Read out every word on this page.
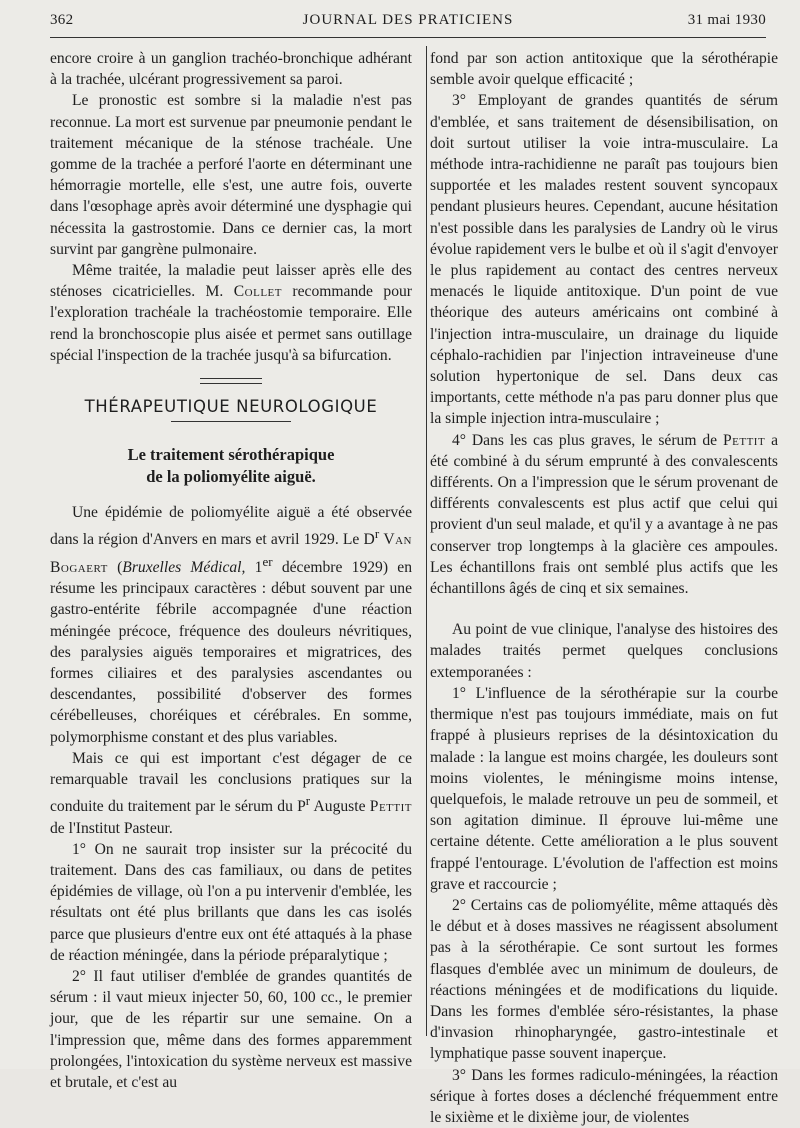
362	JOURNAL DES PRATICIENS	31 mai 1930

encore croire à un ganglion trachéo-bronchique adhérant à la trachée, ulcérant progressivement sa paroi.

Le pronostic est sombre si la maladie n'est pas reconnue. La mort est survenue par pneumonie pendant le traitement mécanique de la sténose trachéale. Une gomme de la trachée a perforé l'aorte en déterminant une hémorragie mortelle, elle s'est, une autre fois, ouverte dans l'œsophage après avoir déterminé une dysphagie qui nécessita la gastrostomie. Dans ce dernier cas, la mort survint par gangrène pulmonaire.

Même traitée, la maladie peut laisser après elle des sténoses cicatricielles. M. Collet recommande pour l'exploration trachéale la trachéostomie temporaire. Elle rend la bronchoscopie plus aisée et permet sans outillage spécial l'inspection de la trachée jusqu'à sa bifurcation.

THÉRAPEUTIQUE NEUROLOGIQUE
Le traitement sérothérapique
de la poliomyélite aiguë.

Une épidémie de poliomyélite aiguë a été observée dans la région d'Anvers en mars et avril 1929. Le $D^r$ Van Bogaert (Bruxelles Médical, 1er décembre 1929) en résume les principaux caractères : début souvent par une gastro-entérite fébrile accompagnée d'une réaction méningée précoce, fréquence des douleurs névritiques, des paralysies aiguës temporaires et migratrices, des formes ciliaires et des paralysies ascendantes ou descendantes, possibilité d'observer des formes cérébelleuses, choréiques et cérébrales. En somme, polymorphisme constant et des plus variables.

Mais ce qui est important c'est dégager de ce remarquable travail les conclusions pratiques sur la conduite du traitement par le sérum du $P^r$ Auguste Pettit de l'Institut Pasteur.

1° On ne saurait trop insister sur la précocité du traitement. Dans des cas familiaux, ou dans de petites épidémies de village, où l'on a pu intervenir d'emblée, les résultats ont été plus brillants que dans les cas isolés parce que plusieurs d'entre eux ont été attaqués à la phase de réaction méningée, dans la période préparalytique ;

2° Il faut utiliser d'emblée de grandes quantités de sérum : il vaut mieux injecter 50, 60, 100 cc., le premier jour, que de les répartir sur une semaine. On a l'impression que, même dans des formes apparemment prolongées, l'intoxication du système nerveux est massive et brutale, et c'est au

fond par son action antitoxique que la sérothérapie semble avoir quelque efficacité ;

3° Employant de grandes quantités de sérum d'emblée, et sans traitement de désensibilisation, on doit surtout utiliser la voie intra-musculaire. La méthode intra-rachidienne ne paraît pas toujours bien supportée et les malades restent souvent syncopaux pendant plusieurs heures. Cependant, aucune hésitation n'est possible dans les paralysies de Landry où le virus évolue rapidement vers le bulbe et où il s'agit d'envoyer le plus rapidement au contact des centres nerveux menacés le liquide antitoxique. D'un point de vue théorique des auteurs américains ont combiné à l'injection intra-musculaire, un drainage du liquide céphalo-rachidien par l'injection intraveineuse d'une solution hypertonique de sel. Dans deux cas importants, cette méthode n'a pas paru donner plus que la simple injection intra-musculaire ;

4° Dans les cas plus graves, le sérum de Pettit a été combiné à du sérum emprunté à des convalescents différents. On a l'impression que le sérum provenant de différents convalescents est plus actif que celui qui provient d'un seul malade, et qu'il y a avantage à ne pas conserver trop longtemps à la glacière ces ampoules. Les échantillons frais ont semblé plus actifs que les échantillons âgés de cinq et six semaines.

Au point de vue clinique, l'analyse des histoires des malades traités permet quelques conclusions extemporanées :

1° L'influence de la sérothérapie sur la courbe thermique n'est pas toujours immédiate, mais on fut frappé à plusieurs reprises de la désintoxication du malade : la langue est moins chargée, les douleurs sont moins violentes, le méningisme moins intense, quelquefois, le malade retrouve un peu de sommeil, et son agitation diminue. Il éprouve lui-même une certaine détente. Cette amélioration a le plus souvent frappé l'entourage. L'évolution de l'affection est moins grave et raccourcie ;

2° Certains cas de poliomyélite, même attaqués dès le début et à doses massives ne réagissent absolument pas à la sérothérapie. Ce sont surtout les formes flasques d'emblée avec un minimum de douleurs, de réactions méningées et de modifications du liquide. Dans les formes d'emblée séro-résistantes, la phase d'invasion rhinopharyngée, gastro-intestinale et lymphatique passe souvent inaperçue.

3° Dans les formes radiculo-méningées, la réaction sérique à fortes doses a déclenché fréquemment entre le sixième et le dixième jour, de violentes
